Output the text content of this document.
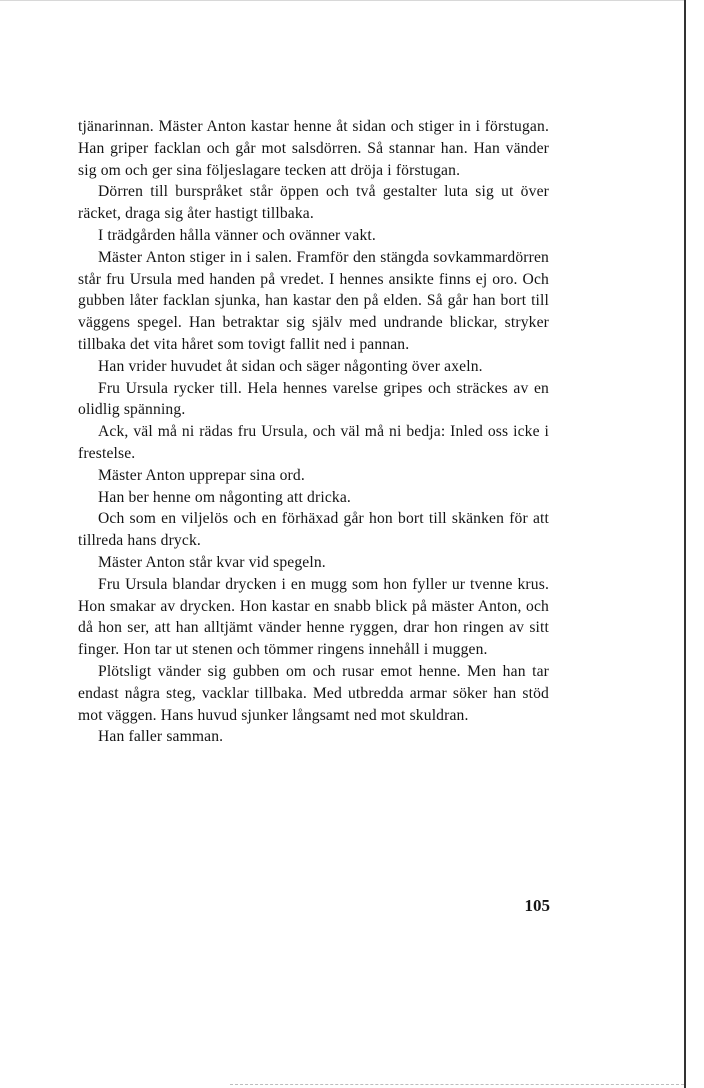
tjänarinnan. Mäster Anton kastar henne åt sidan och stiger in i förstugan. Han griper facklan och går mot salsdörren. Så stannar han. Han vänder sig om och ger sina följeslagare tecken att dröja i förstugan.

Dörren till burspråket står öppen och två gestalter luta sig ut över räcket, draga sig åter hastigt tillbaka.

I trädgården hålla vänner och ovänner vakt.

Mäster Anton stiger in i salen. Framför den stängda sovkammardörren står fru Ursula med handen på vredet. I hennes ansikte finns ej oro. Och gubben låter facklan sjunka, han kastar den på elden. Så går han bort till väggens spegel. Han betraktar sig själv med undrande blickar, stryker tillbaka det vita håret som tovigt fallit ned i pannan.

Han vrider huvudet åt sidan och säger någonting över axeln.

Fru Ursula rycker till. Hela hennes varelse gripes och sträckes av en olidlig spänning.

Ack, väl må ni rädas fru Ursula, och väl må ni bedja: Inled oss icke i frestelse.

Mäster Anton upprepar sina ord.

Han ber henne om någonting att dricka.

Och som en viljelös och en förhäxad går hon bort till skänken för att tillreda hans dryck.

Mäster Anton står kvar vid spegeln.

Fru Ursula blandar drycken i en mugg som hon fyller ur tvenne krus. Hon smakar av drycken. Hon kastar en snabb blick på mäster Anton, och då hon ser, att han alltjämt vänder henne ryggen, drar hon ringen av sitt finger. Hon tar ut stenen och tömmer ringens innehåll i muggen.

Plötsligt vänder sig gubben om och rusar emot henne. Men han tar endast några steg, vacklar tillbaka. Med utbredda armar söker han stöd mot väggen. Hans huvud sjunker långsamt ned mot skuldran.

Han faller samman.

105
